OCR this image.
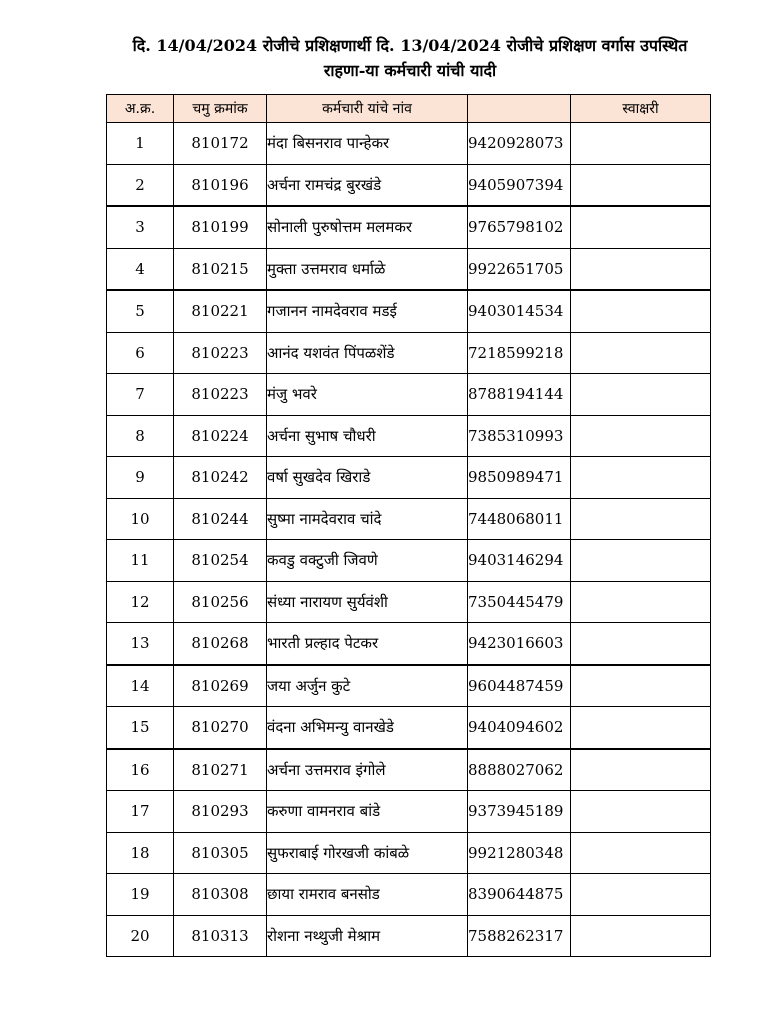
दि. 14/04/2024 रोजीचे प्रशिक्षणार्थी दि. 13/04/2024 रोजीचे प्रशिक्षण वर्गास उपस्थित
राहणा-या कर्मचारी यांची यादी
अ.क्र.	चमु क्रमांक	कर्मचारी यांचे नांव		स्वाक्षरी
1	810172	मंदा बिसनराव पान्हेकर	9420928073	
2	810196	अर्चना रामचंद्र बुरखंडे	9405907394	
3	810199	सोनाली पुरुषोत्तम मलमकर	9765798102	
4	810215	मुक्ता उत्तमराव धर्माळे	9922651705	
5	810221	गजानन नामदेवराव मडई	9403014534	
6	810223	आनंद यशवंत पिंपळशेंडे	7218599218	
7	810223	मंजु भवरे	8788194144	
8	810224	अर्चना सुभाष चौधरी	7385310993	
9	810242	वर्षा सुखदेव खिराडे	9850989471	
10	810244	सुष्मा नामदेवराव चांदे	7448068011	
11	810254	कवडु वक्टुजी जिवणे	9403146294	
12	810256	संध्या नारायण सुर्यवंशी	7350445479	
13	810268	भारती प्रल्हाद पेटकर	9423016603	
14	810269	जया अर्जुन कुटे	9604487459	
15	810270	वंदना अभिमन्यु वानखेडे	9404094602	
16	810271	अर्चना उत्तमराव इंगोले	8888027062	
17	810293	करुणा वामनराव बांडे	9373945189	
18	810305	सुफराबाई गोरखजी कांबळे	9921280348	
19	810308	छाया रामराव बनसोड	8390644875	
20	810313	रोशना नथ्थुजी मेश्राम	7588262317	
